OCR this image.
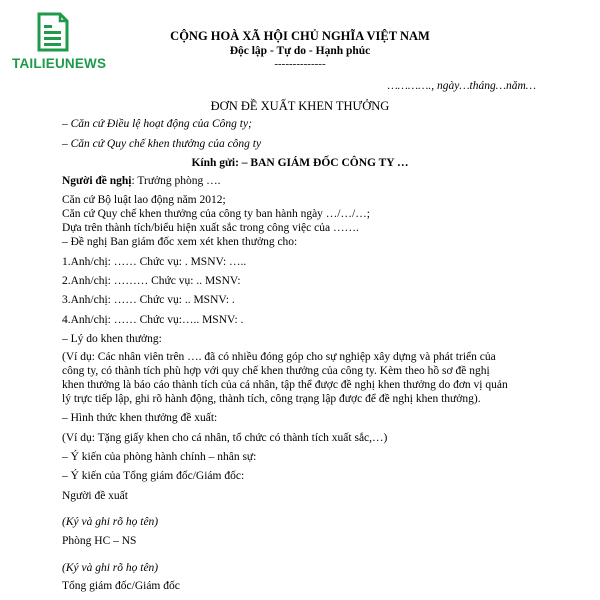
TAILIEUNEWS
CỘNG HOÀ XÃ HỘI CHỦ NGHĨA VIỆT NAM
Độc lập - Tự do - Hạnh phúc
--------------
…………., ngày…tháng…năm…
ĐƠN ĐỀ XUẤT KHEN THƯỞNG
– Căn cứ Điều lệ hoạt động của Công ty;
– Căn cứ Quy chế khen thưởng của công ty
Kính gửi: – BAN GIÁM ĐỐC CÔNG TY …
Người đề nghị: Trưởng phòng ….
Căn cứ Bộ luật lao động năm 2012;
Căn cứ Quy chế khen thưởng của công ty ban hành ngày …/…/…;
Dựa trên thành tích/biểu hiện xuất sắc trong công việc của …….
– Đề nghị Ban giám đốc xem xét khen thưởng cho:
1.Anh/chị: …… Chức vụ: . MSNV: …..
2.Anh/chị: ……… Chức vụ: .. MSNV:
3.Anh/chị: …… Chức vụ: .. MSNV: .
4.Anh/chị: …… Chức vụ:….. MSNV: .
– Lý do khen thưởng:
(Ví dụ: Các nhân viên trên …. đã có nhiều đóng góp cho sự nghiệp xây dựng và phát triển của
công ty, có thành tích phù hợp với quy chế khen thưởng của công ty. Kèm theo hồ sơ đề nghị
khen thưởng là báo cáo thành tích của cá nhân, tập thể được đề nghị khen thưởng do đơn vị quản
lý trực tiếp lập, ghi rõ hành động, thành tích, công trạng lập được để đề nghị khen thưởng).
– Hình thức khen thưởng đề xuất:
(Ví dụ: Tặng giấy khen cho cá nhân, tổ chức có thành tích xuất sắc,…)
– Ý kiến của phòng hành chính – nhân sự:
– Ý kiến của Tổng giám đốc/Giám đốc:
Người đề xuất
(Ký và ghi rõ họ tên)
Phòng HC – NS
(Ký và ghi rõ họ tên)
Tổng giám đốc/Giám đốc
